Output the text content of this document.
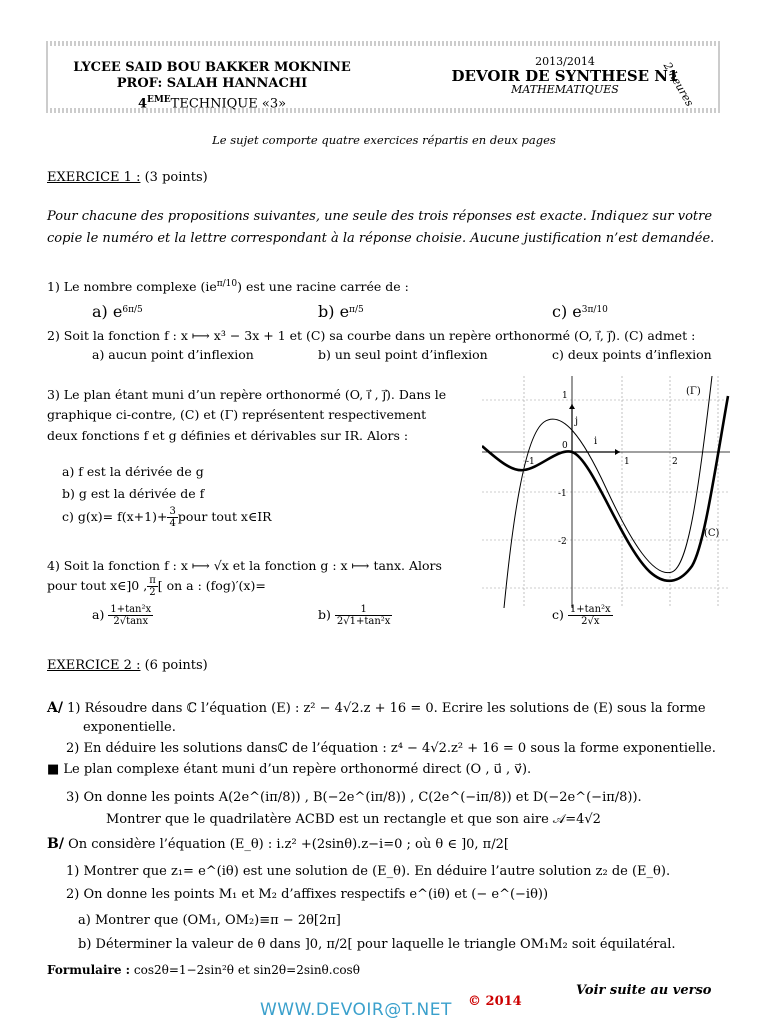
LYCEE SAID BOU BAKKER MOKNINE
PROF: SALAH HANNACHI
4EMETECHNIQUE «3»
2013/2014
DEVOIR DE SYNTHESE N1
MATHEMATIQUES	2 heures
Le sujet comporte quatre exercices répartis en deux pages
EXERCICE 1 : (3 points)
Pour chacune des propositions suivantes, une seule des trois réponses est exacte. Indiquez sur votre
copie le numéro et la lettre correspondant à la réponse choisie. Aucune justification n’est demandée.
1) Le nombre complexe $(ie^{\pi/10})$ est une racine carrée de :
a) $e^{6\pi/5}$	b) $e^{\pi/5}$	c) $e^{3\pi/10}$
2) Soit la fonction f : x ⟼ x³ − 3x + 1 et (C) sa courbe dans un repère orthonormé (O, i⃗, j⃗). (C) admet :
a) aucun point d’inflexion	b) un seul point d’inflexion	c) deux points d’inflexion
3) Le plan étant muni d’un repère orthonormé (O, i⃗ , j⃗). Dans le
graphique ci-contre, (C) et (Γ) représentent respectivement
deux fonctions f et g définies et dérivables sur IR. Alors :
a) f est la dérivée de g
b) g est la dérivée de f
c) $g(x)= f(x+1)+ \frac{3}{4}$ pour tout x∈IR
4) Soit la fonction f : x ⟼ √x et la fonction g : x ⟼ tanx. Alors
pour tout x∈]0 , $\frac{\pi}{2}$ [ on a : (fog)′(x)=
$a) \frac{\text{1+tan²x}}{2√\tan x}$	$b) \frac{1}{\text{2√1+tan²x}}$	$c) \frac{\text{1+tan²x}}{2√x}$
(Γ)
(C)
i
j
0
-1	1	2
1
-1
-2
EXERCICE 2 : (6 points)
A/ 1) Résoudre dans ℂ l’équation (E) : z² − 4√2.z + 16 = 0. Ecrire les solutions de (E) sous la forme
exponentielle.
2) En déduire les solutions dansℂ de l’équation : z⁴ − 4√2.z² + 16 = 0 sous la forme exponentielle.
■ Le plan complexe étant muni d’un repère orthonormé direct (O , u⃗ , v⃗).
3) On donne les points A(2e^(iπ/8)) , B(−2e^(iπ/8)) , C(2e^(−iπ/8)) et D(−2e^(−iπ/8)).
Montrer que le quadrilatère ACBD est un rectangle et que son aire 𝒜=4√2
B/ On considère l’équation (E_θ) : i.z² +(2sinθ).z−i=0 ; où θ ∈ ]0, π/2[
1) Montrer que z₁= e^(iθ) est une solution de (E_θ). En déduire l’autre solution z₂ de (E_θ).
2) On donne les points M₁ et M₂ d’affixes respectifs e^(iθ) et (− e^(−iθ))
a) Montrer que (OM₁, OM₂)≡π − 2θ[2π]
b) Déterminer la valeur de θ dans ]0, π/2[ pour laquelle le triangle OM₁M₂ soit équilatéral.
Formulaire : cos2θ=1−2sin²θ et sin2θ=2sinθ.cosθ
Voir suite au verso
WWW.DEVOIR@T.NET © 2014
